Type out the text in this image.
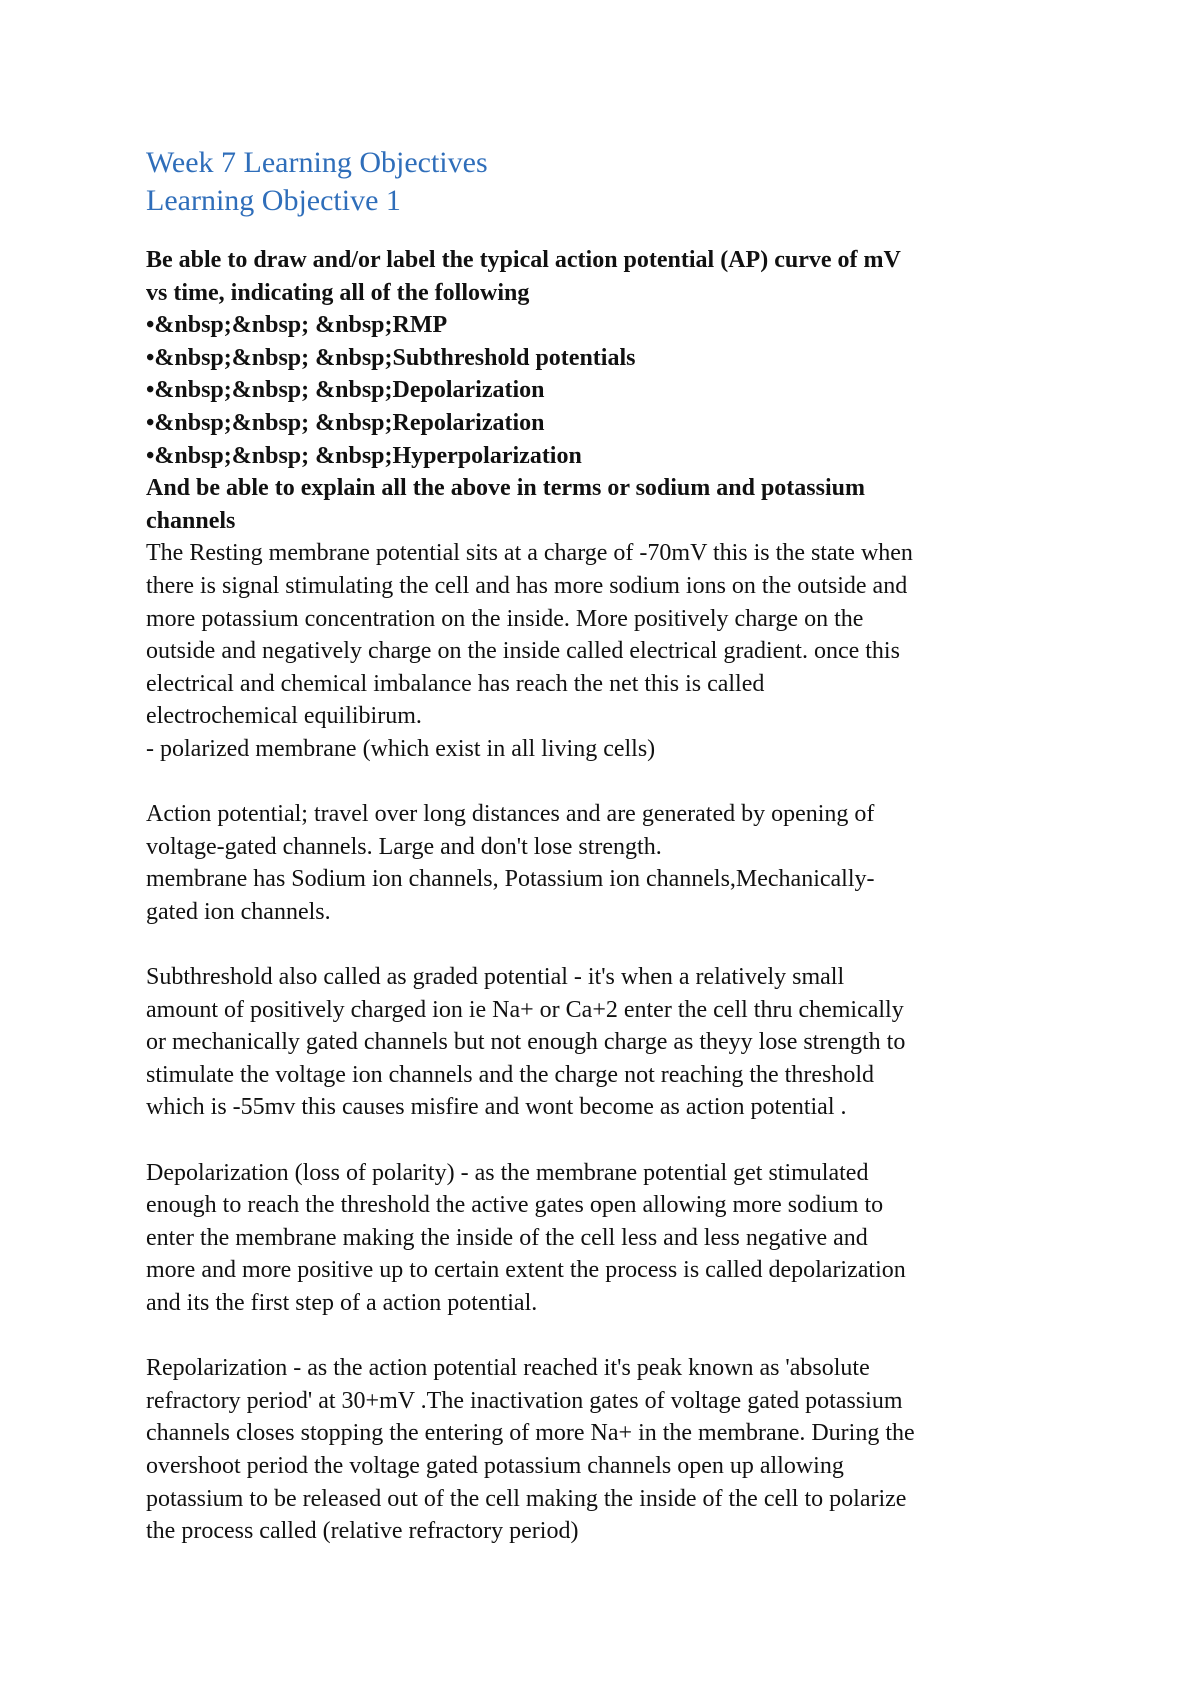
Week 7 Learning Objectives
Learning Objective 1

Be able to draw and/or label the typical action potential (AP) curve of mV

vs time, indicating all of the following

•&nbsp;&nbsp; &nbsp;RMP

•&nbsp;&nbsp; &nbsp;Subthreshold potentials

•&nbsp;&nbsp; &nbsp;Depolarization

•&nbsp;&nbsp; &nbsp;Repolarization

•&nbsp;&nbsp; &nbsp;Hyperpolarization

And be able to explain all the above in terms or sodium and potassium

channels

The Resting membrane potential sits at a charge of -70mV this is the state when

there is signal stimulating the cell and has more sodium ions on the outside and

more potassium concentration on the inside. More positively charge on the

outside and negatively charge on the inside called electrical gradient. once this

electrical and chemical imbalance has reach the net this is called

electrochemical equilibirum.

- polarized membrane (which exist in all living cells)

Action potential; travel over long distances and are generated by opening of

voltage-gated channels. Large and don't lose strength.

membrane has Sodium ion channels, Potassium ion channels,Mechanically-

gated ion channels.

Subthreshold also called as graded potential - it's when a relatively small

amount of positively charged ion ie Na+ or Ca+2 enter the cell thru chemically

or mechanically gated channels but not enough charge as theyy lose strength to

stimulate the voltage ion channels and the charge not reaching the threshold

which is -55mv this causes misfire and wont become as action potential .

Depolarization (loss of polarity) - as the membrane potential get stimulated

enough to reach the threshold the active gates open allowing more sodium to

enter the membrane making the inside of the cell less and less negative and

more and more positive up to certain extent the process is called depolarization

and its the first step of a action potential.

Repolarization - as the action potential reached it's peak known as 'absolute

refractory period' at 30+mV .The inactivation gates of voltage gated potassium

channels closes stopping the entering of more Na+ in the membrane. During the

overshoot period the voltage gated potassium channels open up allowing

potassium to be released out of the cell making the inside of the cell to polarize

the process called (relative refractory period)
